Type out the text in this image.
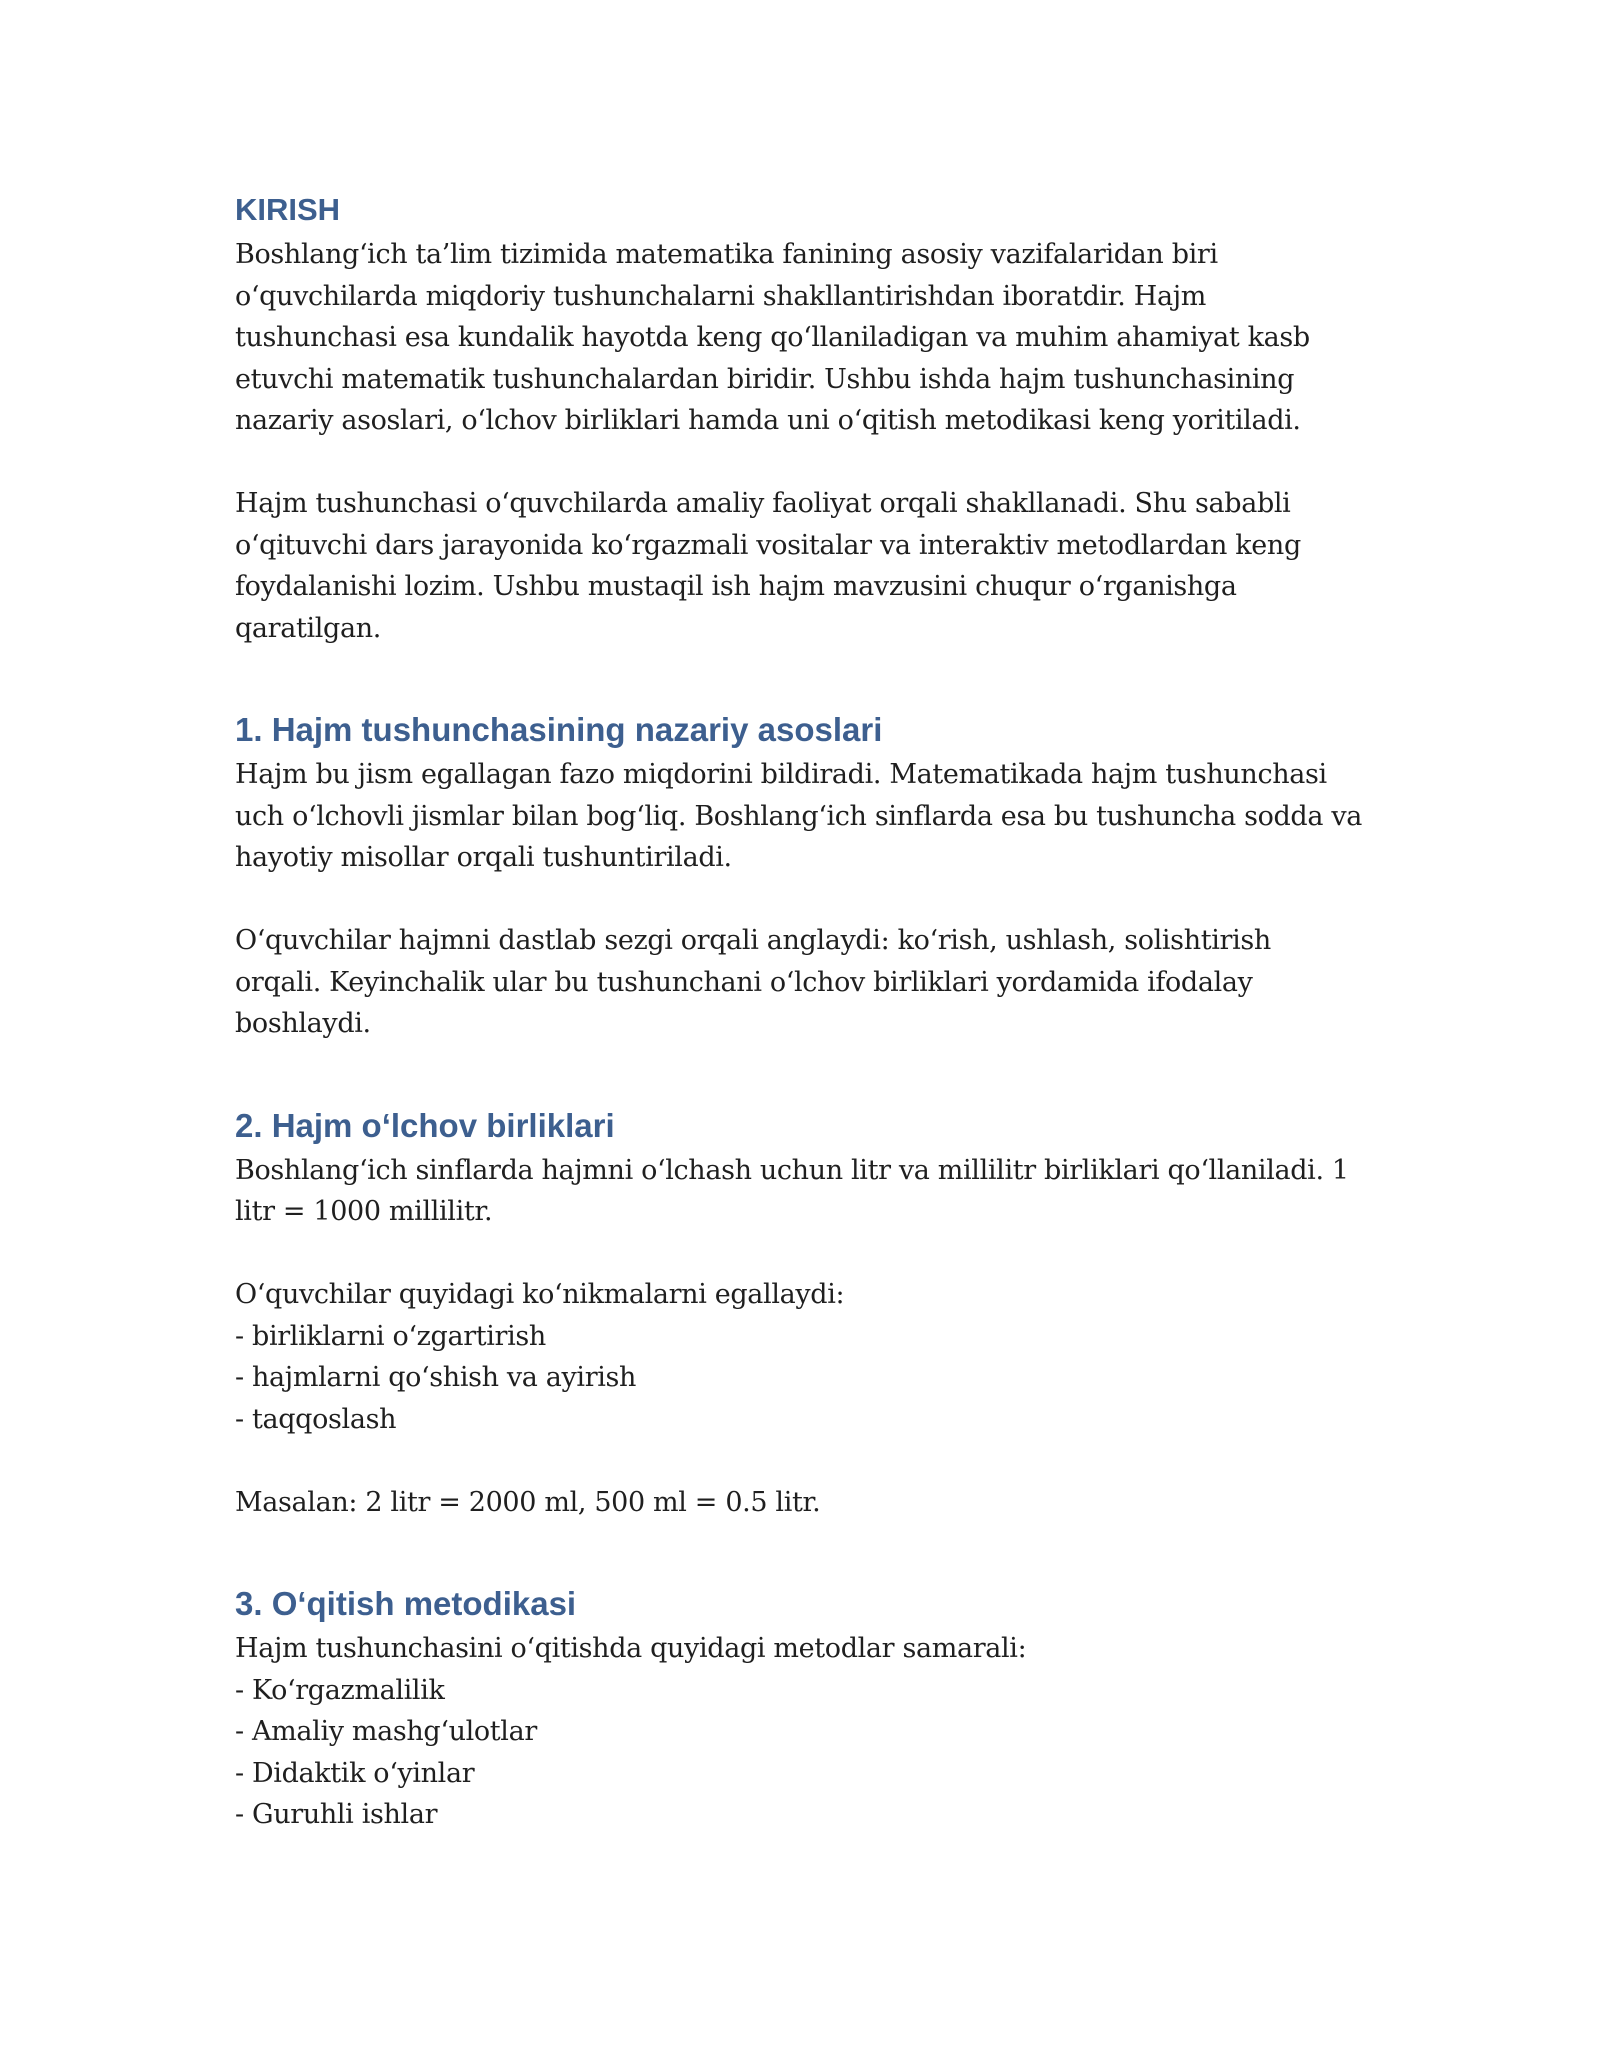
KIRISH

Boshlang‘ich ta’lim tizimida matematika fanining asosiy vazifalaridan biri o‘quvchilarda miqdoriy tushunchalarni shakllantirishdan iboratdir. Hajm tushunchasi esa kundalik hayotda keng qo‘llaniladigan va muhim ahamiyat kasb etuvchi matematik tushunchalardan biridir. Ushbu ishda hajm tushunchasining nazariy asoslari, o‘lchov birliklari hamda uni o‘qitish metodikasi keng yoritiladi.

Hajm tushunchasi o‘quvchilarda amaliy faoliyat orqali shakllanadi. Shu sababli o‘qituvchi dars jarayonida ko‘rgazmali vositalar va interaktiv metodlardan keng foydalanishi lozim. Ushbu mustaqil ish hajm mavzusini chuqur o‘rganishga qaratilgan.

1. Hajm tushunchasining nazariy asoslari

Hajm bu jism egallagan fazo miqdorini bildiradi. Matematikada hajm tushunchasi uch o‘lchovli jismlar bilan bog‘liq. Boshlang‘ich sinflarda esa bu tushuncha sodda va hayotiy misollar orqali tushuntiriladi.

O‘quvchilar hajmni dastlab sezgi orqali anglaydi: ko‘rish, ushlash, solishtirish orqali. Keyinchalik ular bu tushunchani o‘lchov birliklari yordamida ifodalay boshlaydi.

2. Hajm o‘lchov birliklari

Boshlang‘ich sinflarda hajmni o‘lchash uchun litr va millilitr birliklari qo‘llaniladi. 1 litr = 1000 millilitr.

O‘quvchilar quyidagi ko‘nikmalarni egallaydi:

- birliklarni o‘zgartirish
- hajmlarni qo‘shish va ayirish
- taqqoslash

Masalan: 2 litr = 2000 ml, 500 ml = 0.5 litr.

3. O‘qitish metodikasi

Hajm tushunchasini o‘qitishda quyidagi metodlar samarali:

- Ko‘rgazmalilik
- Amaliy mashg‘ulotlar
- Didaktik o‘yinlar
- Guruhli ishlar
